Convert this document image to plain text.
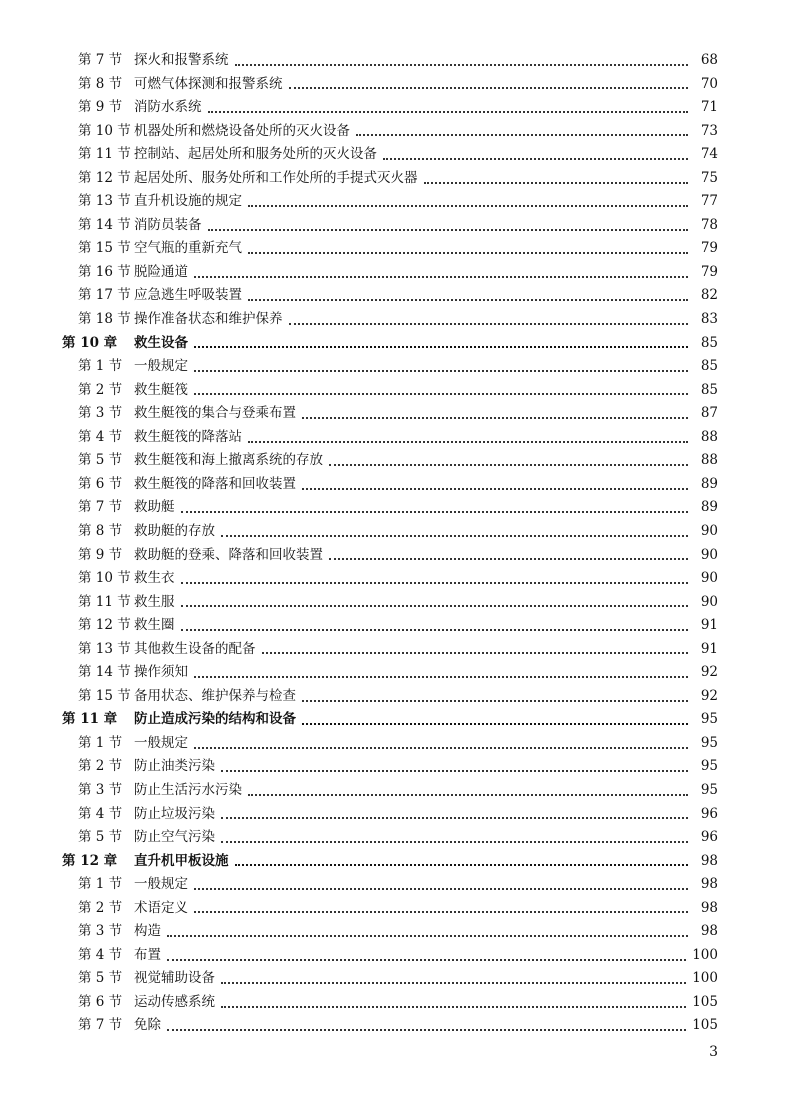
第 7 节 探火和报警系统	68
第 8 节 可燃气体探测和报警系统	70
第 9 节 消防水系统	71
第 10 节 机器处所和燃烧设备处所的灭火设备	73
第 11 节 控制站、起居处所和服务处所的灭火设备	74
第 12 节 起居处所、服务处所和工作处所的手提式灭火器	75
第 13 节 直升机设施的规定	77
第 14 节 消防员装备	78
第 15 节 空气瓶的重新充气	79
第 16 节 脱险通道	79
第 17 节 应急逃生呼吸装置	82
第 18 节 操作准备状态和维护保养	83
第 10 章	救生设备	85
第 1 节 一般规定	85
第 2 节 救生艇筏	85
第 3 节 救生艇筏的集合与登乘布置	87
第 4 节 救生艇筏的降落站	88
第 5 节 救生艇筏和海上撤离系统的存放	88
第 6 节 救生艇筏的降落和回收装置	89
第 7 节 救助艇	89
第 8 节 救助艇的存放	90
第 9 节 救助艇的登乘、降落和回收装置	90
第 10 节 救生衣	90
第 11 节 救生服	90
第 12 节 救生圈	91
第 13 节 其他救生设备的配备	91
第 14 节 操作须知	92
第 15 节 备用状态、维护保养与检查	92
第 11 章	防止造成污染的结构和设备	95
第 1 节 一般规定	95
第 2 节 防止油类污染	95
第 3 节 防止生活污水污染	95
第 4 节 防止垃圾污染	96
第 5 节 防止空气污染	96
第 12 章	直升机甲板设施	98
第 1 节 一般规定	98
第 2 节 术语定义	98
第 3 节 构造	98
第 4 节 布置	100
第 5 节 视觉辅助设备	100
第 6 节 运动传感系统	105
第 7 节 免除	105
3
